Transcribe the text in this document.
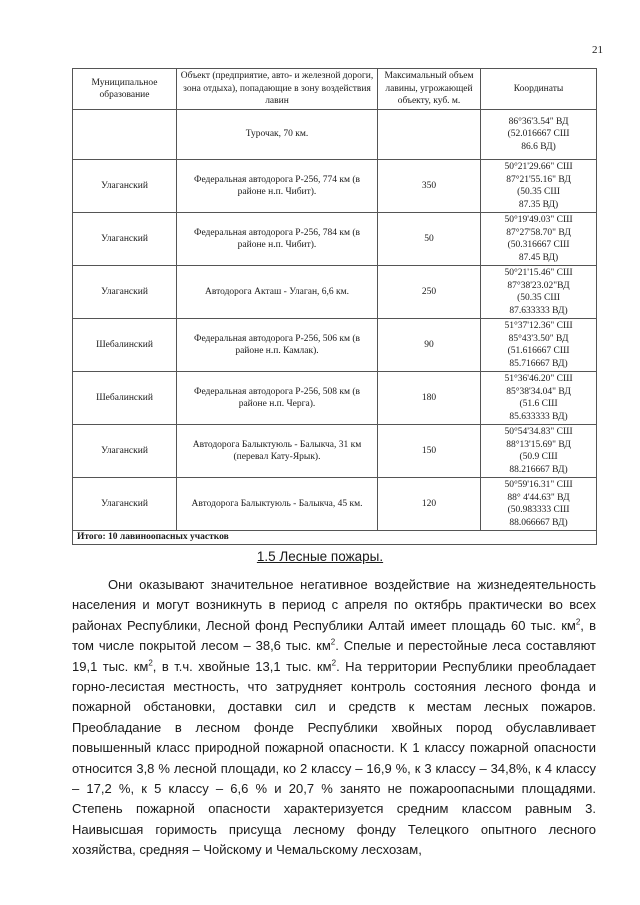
21
Муниципальное образование	Объект (предприятие, авто- и железной дороги, зона отдыха), попадающие в зону воздействия лавин	Максимальный объем лавины, угрожающей объекту, куб. м.	Координаты
	Турочак, 70 км.		86°36'3.54" ВД
(52.016667 СШ
86.6 ВД)

Улаганский	Федеральная автодорога Р-256, 774 км (в районе н.п. Чибит).	350	50°21'29.66" СШ
87°21'55.16" ВД
(50.35 СШ
87.35 ВД)

Улаганский	Федеральная автодорога Р-256, 784 км (в районе н.п. Чибит).	50	50°19'49.03" СШ
87°27'58.70" ВД
(50.316667 СШ
87.45 ВД)

Улаганский	Автодорога Акташ - Улаган, 6,6 км.	250	50°21'15.46" СШ
87°38'23.02"ВД
(50.35 СШ
87.633333 ВД)

Шебалинский	Федеральная автодорога Р-256, 506 км (в районе н.п. Камлак).	90	51°37'12.36" СШ
85°43'3.50" ВД
(51.616667 СШ
85.716667 ВД)

Шебалинский	Федеральная автодорога Р-256, 508 км (в районе н.п. Черга).	180	51°36'46.20" СШ
85°38'34.04" ВД
(51.6 СШ
85.633333 ВД)

Улаганский	Автодорога Балыктуюль - Балыкча, 31 км (перевал Кату-Ярык).	150	50°54'34.83" СШ
88°13'15.69" ВД
(50.9 СШ
88.216667 ВД)

Улаганский	Автодорога Балыктуюль - Балыкча, 45 км.	120	50°59'16.31" СШ
88° 4'44.63" ВД
(50.983333 СШ
88.066667 ВД)

Итого: 10 лавиноопасных участков			
1.5 Лесные пожары.

Они оказывают значительное негативное воздействие на жизнедеятельность населения и могут возникнуть в период с апреля по октябрь практически во всех районах Республики, Лесной фонд Республики Алтай имеет площадь 60 тыс. $км^2$, в том числе покрытой лесом – 38,6 тыс. $км^2$. Спелые и перестойные леса составляют 19,1 тыс. $км^2$, в т.ч. хвойные 13,1 тыс. $км^2$. На территории Республики преобладает горно-лесистая местность, что затрудняет контроль состояния лесного фонда и пожарной обстановки, доставки сил и средств к местам лесных пожаров. Преобладание в лесном фонде Республики хвойных пород обуславливает повышенный класс природной пожарной опасности. К 1 классу пожарной опасности относится 3,8 % лесной площади, ко 2 классу – 16,9 %, к 3 классу – 34,8%, к 4 классу – 17,2 %, к 5 классу – 6,6 % и 20,7 % занято не пожароопасными площадями. Степень пожарной опасности характеризуется средним классом равным 3. Наивысшая горимость присуща лесному фонду Телецкого опытного лесного хозяйства, средняя – Чойскому и Чемальскому лесхозам,
